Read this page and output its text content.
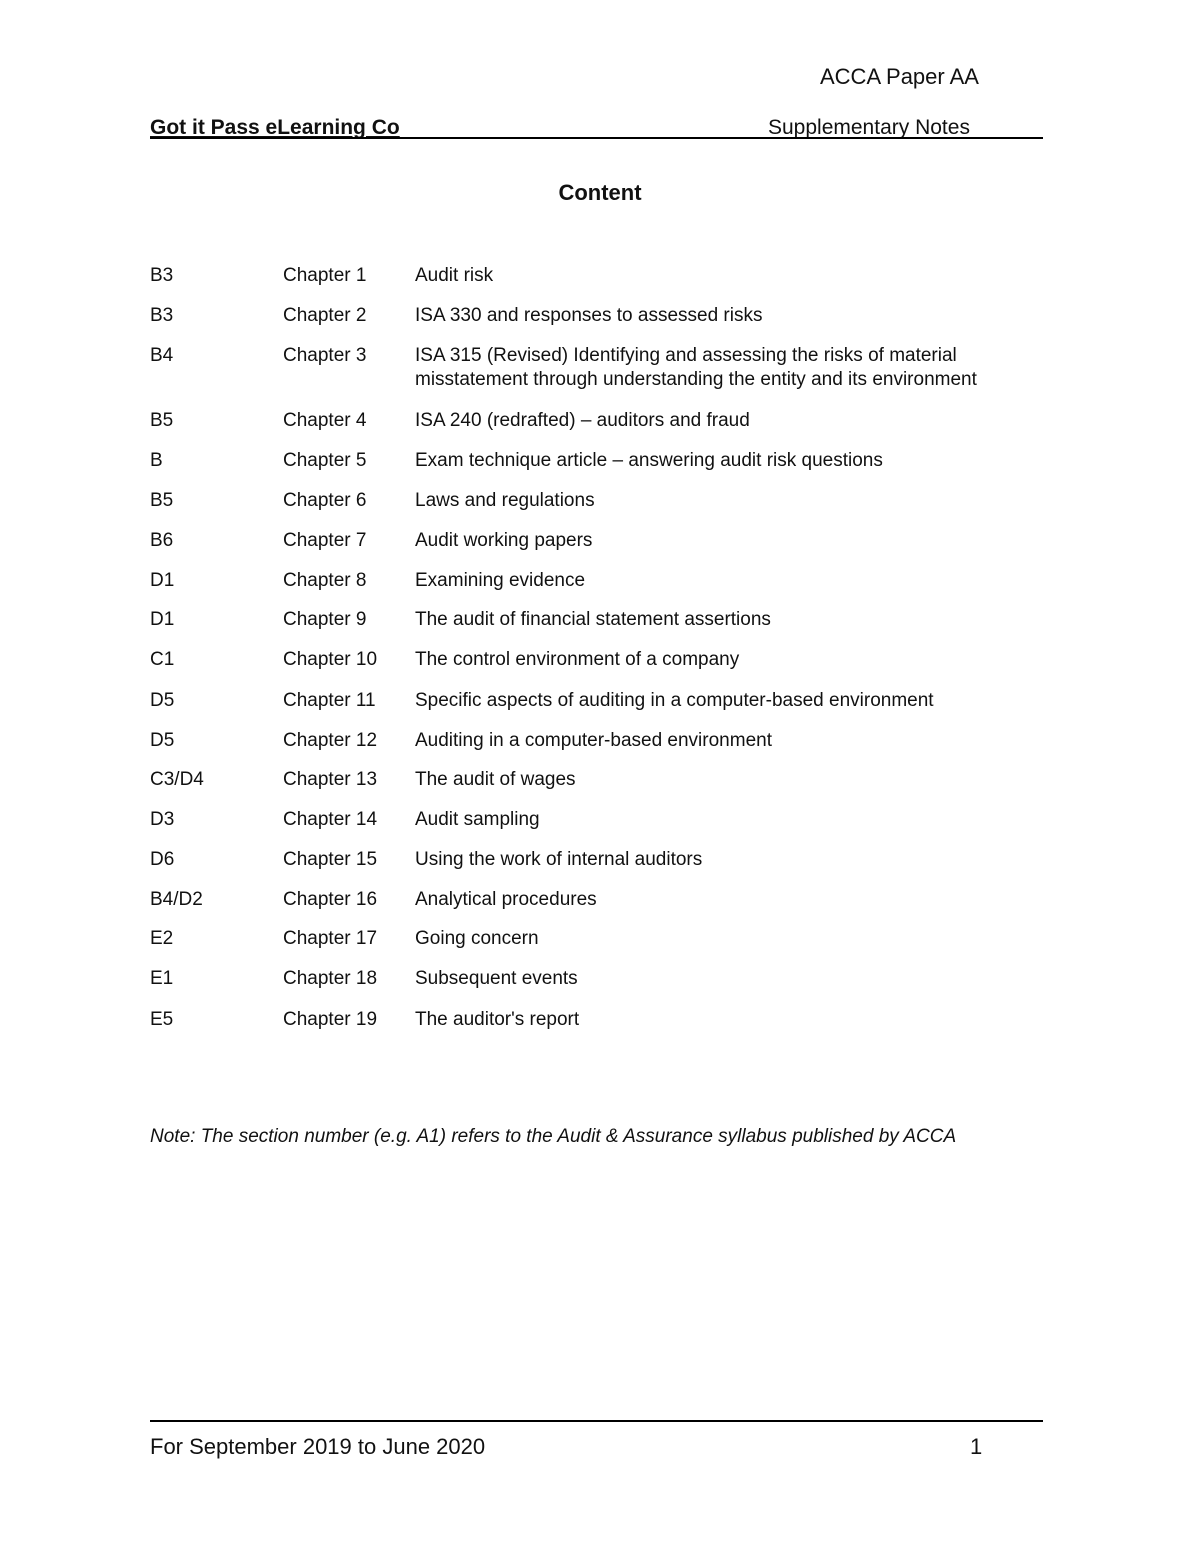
ACCA Paper AA
Got it Pass eLearning Co	Supplementary Notes
Content
B3	Chapter 1	Audit risk
B3	Chapter 2	ISA 330 and responses to assessed risks
B4	Chapter 3	ISA 315 (Revised) Identifying and assessing the risks of material misstatement through understanding the entity and its environment
B5	Chapter 4	ISA 240 (redrafted) – auditors and fraud
B	Chapter 5	Exam technique article – answering audit risk questions
B5	Chapter 6	Laws and regulations
B6	Chapter 7	Audit working papers
D1	Chapter 8	Examining evidence
D1	Chapter 9	The audit of financial statement assertions
C1	Chapter 10 The control environment of a company
D5	Chapter 11 Specific aspects of auditing in a computer-based environment
D5	Chapter 12 Auditing in a computer-based environment
C3/D4	Chapter 13 The audit of wages
D3	Chapter 14 Audit sampling
D6	Chapter 15 Using the work of internal auditors
B4/D2	Chapter 16 Analytical procedures
E2	Chapter 17 Going concern
E1	Chapter 18 Subsequent events
E5	Chapter 19 The auditor's report
Note: The section number (e.g. A1) refers to the Audit & Assurance syllabus published by ACCA
For September 2019 to June 2020	1
